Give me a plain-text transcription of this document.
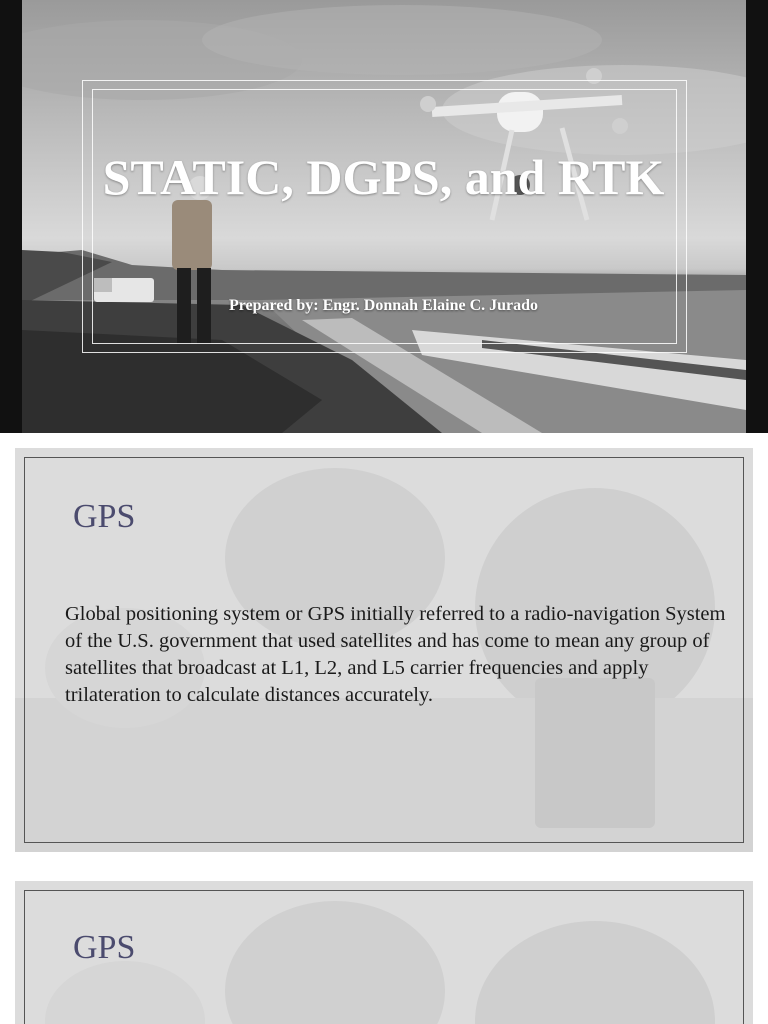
STATIC, DGPS, and RTK
Prepared by: Engr. Donnah Elaine C. Jurado
GPS
Global positioning system or GPS initially referred to a radio-navigation System of the U.S. government that used satellites and has come to mean any group of satellites that broadcast at L1, L2, and L5 carrier frequencies and apply trilateration to calculate distances accurately.
GPS
